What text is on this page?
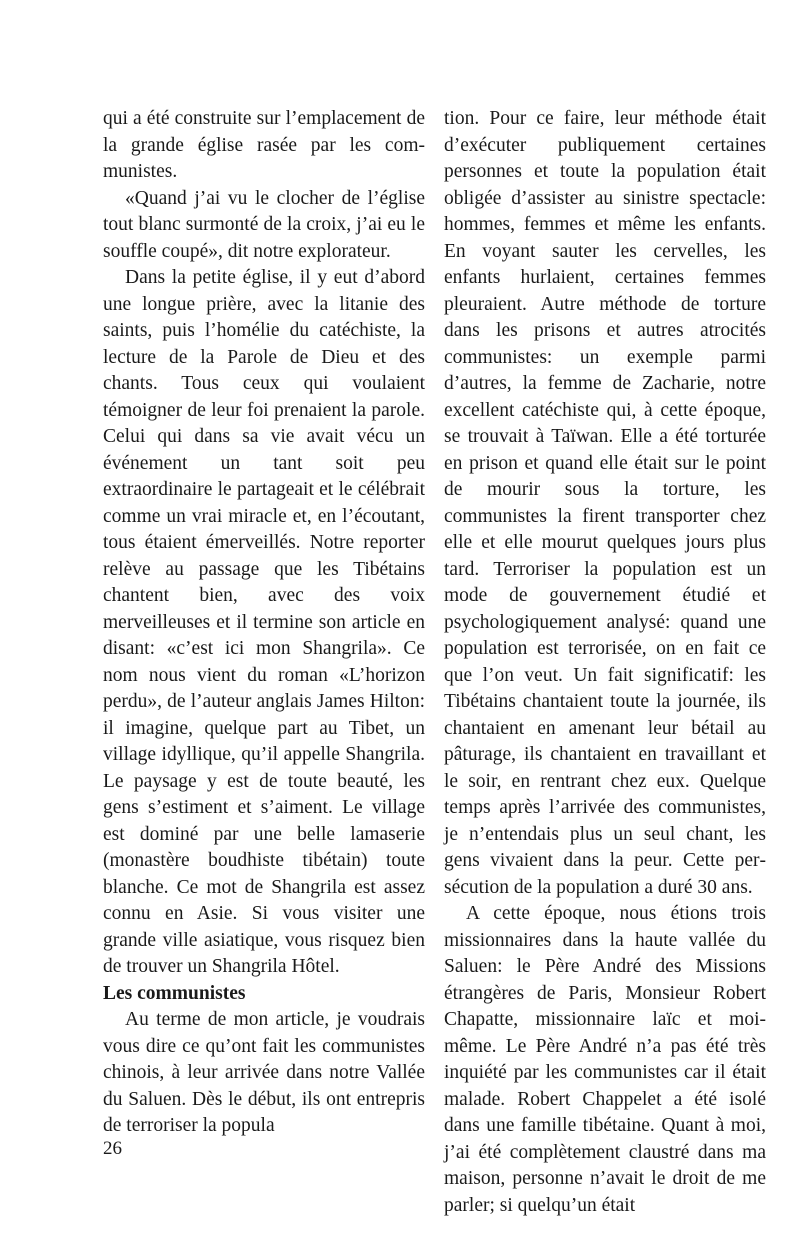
qui a été construite sur l’emplacement de la grande église rasée par les communistes.

«Quand j’ai vu le clocher de l’église tout blanc surmonté de la croix, j’ai eu le souffle coupé», dit notre explorateur.

Dans la petite église, il y eut d’abord une longue prière, avec la litanie des saints, puis l’homélie du catéchiste, la lecture de la Parole de Dieu et des chants. Tous ceux qui voulaient témoigner de leur foi prenaient la parole. Celui qui dans sa vie avait vécu un événement un tant soit peu extraordinaire le partageait et le célébrait comme un vrai miracle et, en l’écoutant, tous étaient émerveillés. Notre reporter relève au passage que les Tibétains chantent bien, avec des voix merveilleuses et il termine son article en disant: «c’est ici mon Shangrila». Ce nom nous vient du roman «L’horizon perdu», de l’auteur anglais James Hilton: il imagine, quelque part au Tibet, un village idyllique, qu’il appelle Shangrila. Le paysage y est de toute beauté, les gens s’estiment et s’aiment. Le village est dominé par une belle lamaserie (monastère boudhiste tibétain) toute blanche. Ce mot de Shangrila est assez connu en Asie. Si vous visiter une grande ville asiatique, vous risquez bien de trouver un Shangrila Hôtel.

Les communistes

Au terme de mon article, je voudrais vous dire ce qu’ont fait les communistes chinois, à leur arrivée dans notre Vallée du Saluen. Dès le début, ils ont entrepris de terroriser la popula

tion. Pour ce faire, leur méthode était d’exécuter publiquement certaines personnes et toute la population était obligée d’assister au sinistre spectacle: hommes, femmes et même les enfants. En voyant sauter les cervelles, les enfants hurlaient, certaines femmes pleuraient. Autre méthode de torture dans les prisons et autres atrocités communistes: un exemple parmi d’autres, la femme de Zacharie, notre excellent catéchiste qui, à cette époque, se trouvait à Taïwan. Elle a été torturée en prison et quand elle était sur le point de mourir sous la torture, les communistes la firent transporter chez elle et elle mourut quelques jours plus tard. Terroriser la population est un mode de gouvernement étudié et psychologiquement analysé: quand une population est terrorisée, on en fait ce que l’on veut. Un fait significatif: les Tibétains chantaient toute la journée, ils chantaient en amenant leur bétail au pâturage, ils chantaient en travaillant et le soir, en rentrant chez eux. Quelque temps après l’arrivée des communistes, je n’entendais plus un seul chant, les gens vivaient dans la peur. Cette persécution de la population a duré 30 ans.

A cette époque, nous étions trois missionnaires dans la haute vallée du Saluen: le Père André des Missions étrangères de Paris, Monsieur Robert Chapatte, missionnaire laïc et moi-même. Le Père André n’a pas été très inquiété par les communistes car il était malade. Robert Chappelet a été isolé dans une famille tibétaine. Quant à moi, j’ai été complètement claustré dans ma maison, personne n’avait le droit de me parler; si quelqu’un était

26
